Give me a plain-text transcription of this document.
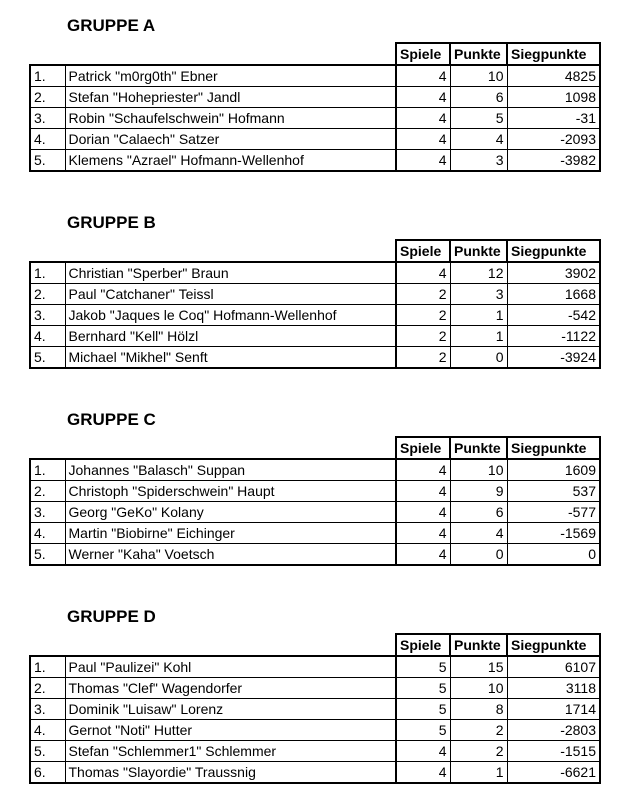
GRUPPE A
		Spiele	Punkte	Siegpunkte
1.	Patrick "m0rg0th" Ebner	4	10	4825
2.	Stefan "Hohepriester" Jandl	4	6	1098
3.	Robin "Schaufelschwein" Hofmann	4	5	-31
4.	Dorian "Calaech" Satzer	4	4	-2093
5.	Klemens "Azrael" Hofmann-Wellenhof	4	3	-3982
GRUPPE B
		Spiele	Punkte	Siegpunkte
1.	Christian "Sperber" Braun	4	12	3902
2.	Paul "Catchaner" Teissl	2	3	1668
3.	Jakob "Jaques le Coq" Hofmann-Wellenhof	2	1	-542
4.	Bernhard "Kell" Hölzl	2	1	-1122
5.	Michael "Mikhel" Senft	2	0	-3924
GRUPPE C
		Spiele	Punkte	Siegpunkte
1.	Johannes "Balasch" Suppan	4	10	1609
2.	Christoph "Spiderschwein" Haupt	4	9	537
3.	Georg "GeKo" Kolany	4	6	-577
4.	Martin "Biobirne" Eichinger	4	4	-1569
5.	Werner "Kaha" Voetsch	4	0	0
GRUPPE D
		Spiele	Punkte	Siegpunkte
1.	Paul "Paulizei" Kohl	5	15	6107
2.	Thomas "Clef" Wagendorfer	5	10	3118
3.	Dominik "Luisaw" Lorenz	5	8	1714
4.	Gernot "Noti" Hutter	5	2	-2803
5.	Stefan "Schlemmer1" Schlemmer	4	2	-1515
6.	Thomas "Slayordie" Traussnig	4	1	-6621
